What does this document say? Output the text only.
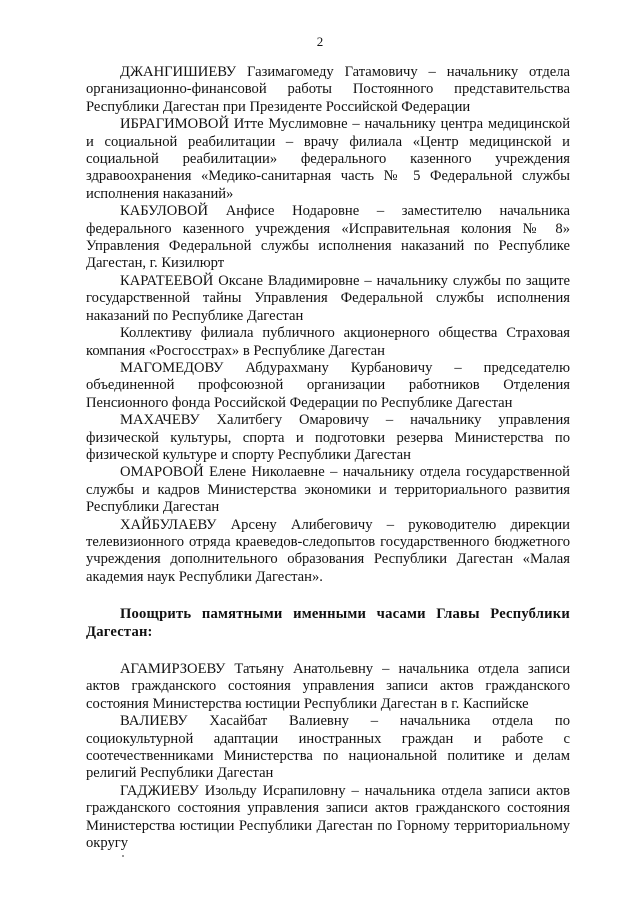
2

ДЖАНГИШИЕВУ Газимагомеду Гатамовичу – начальнику отдела организационно-финансовой работы Постоянного представительства Республики Дагестан при Президенте Российской Федерации

ИБРАГИМОВОЙ Итте Муслимовне – начальнику центра медицинской и социальной реабилитации – врачу филиала «Центр медицинской и социальной реабилитации» федерального казенного учреждения здравоохранения «Медико-санитарная часть № 5 Федеральной службы исполнения наказаний»

КАБУЛОВОЙ Анфисе Нодаровне – заместителю начальника федерального казенного учреждения «Исправительная колония № 8» Управления Федеральной службы исполнения наказаний по Республике Дагестан, г. Кизилюрт

КАРАТЕЕВОЙ Оксане Владимировне – начальнику службы по защите государственной тайны Управления Федеральной службы исполнения наказаний по Республике Дагестан

Коллективу филиала публичного акционерного общества Страховая компания «Росгосстрах» в Республике Дагестан

МАГОМЕДОВУ Абдурахману Курбановичу – председателю объединенной профсоюзной организации работников Отделения Пенсионного фонда Российской Федерации по Республике Дагестан

МАХАЧЕВУ Халитбегу Омаровичу – начальнику управления физической культуры, спорта и подготовки резерва Министерства по физической культуре и спорту Республики Дагестан

ОМАРОВОЙ Елене Николаевне – начальнику отдела государственной службы и кадров Министерства экономики и территориального развития Республики Дагестан

ХАЙБУЛАЕВУ Арсену Алибеговичу – руководителю дирекции телевизионного отряда краеведов-следопытов государственного бюджетного учреждения дополнительного образования Республики Дагестан «Малая академия наук Республики Дагестан».

Поощрить памятными именными часами Главы Республики Дагестан:

АГАМИРЗОЕВУ Татьяну Анатольевну – начальника отдела записи актов гражданского состояния управления записи актов гражданского состояния Министерства юстиции Республики Дагестан в г. Каспийске

ВАЛИЕВУ Хасайбат Валиевну – начальника отдела по социокультурной адаптации иностранных граждан и работе с соотечественниками Министерства по национальной политике и делам религий Республики Дагестан

ГАДЖИЕВУ Изольду Исрапиловну – начальника отдела записи актов гражданского состояния управления записи актов гражданского состояния Министерства юстиции Республики Дагестан по Горному территориальному округу
